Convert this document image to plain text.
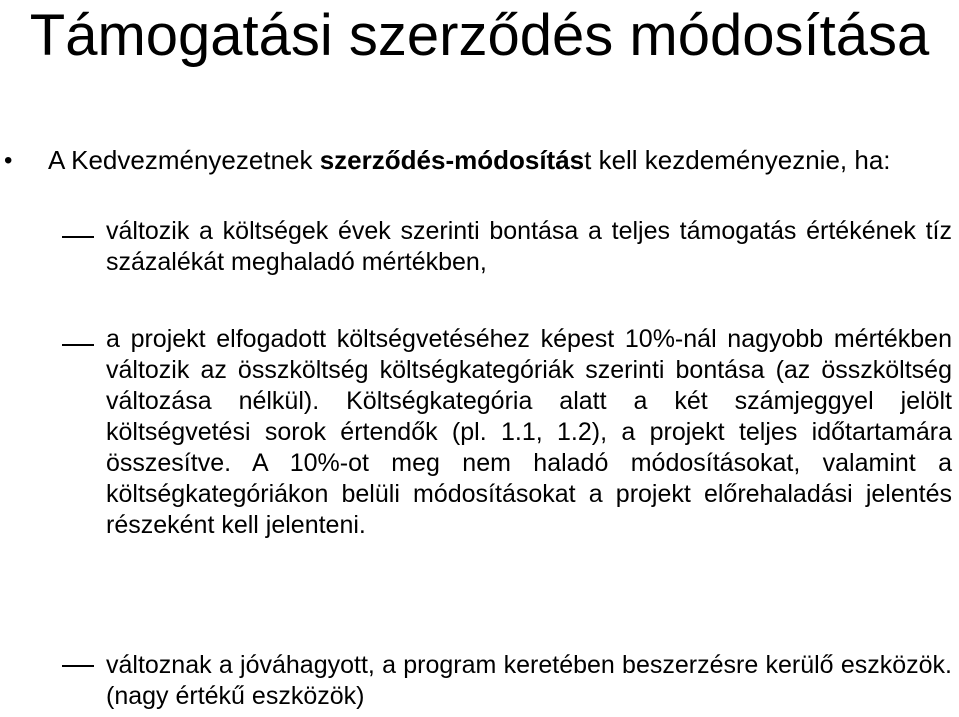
Támogatási szerződés módosítása
• A Kedvezményezetnek szerződés-módosítást kell kezdeményeznie, ha:
változik a költségek évek szerinti bontása a teljes támogatás értékének tíz százalékát meghaladó mértékben,
a projekt elfogadott költségvetéséhez képest 10%-nál nagyobb mértékben változik az összköltség költségkategóriák szerinti bontása (az összköltség változása nélkül). Költségkategória alatt a két számjeggyel jelölt költségvetési sorok értendők (pl. 1.1, 1.2), a projekt teljes időtartamára összesítve. A 10%-ot meg nem haladó módosításokat, valamint a költségkategóriákon belüli módosításokat a projekt előrehaladási jelentés részeként kell jelenteni.
változnak a jóváhagyott, a program keretében beszerzésre kerülő eszközök. (nagy értékű eszközök)
